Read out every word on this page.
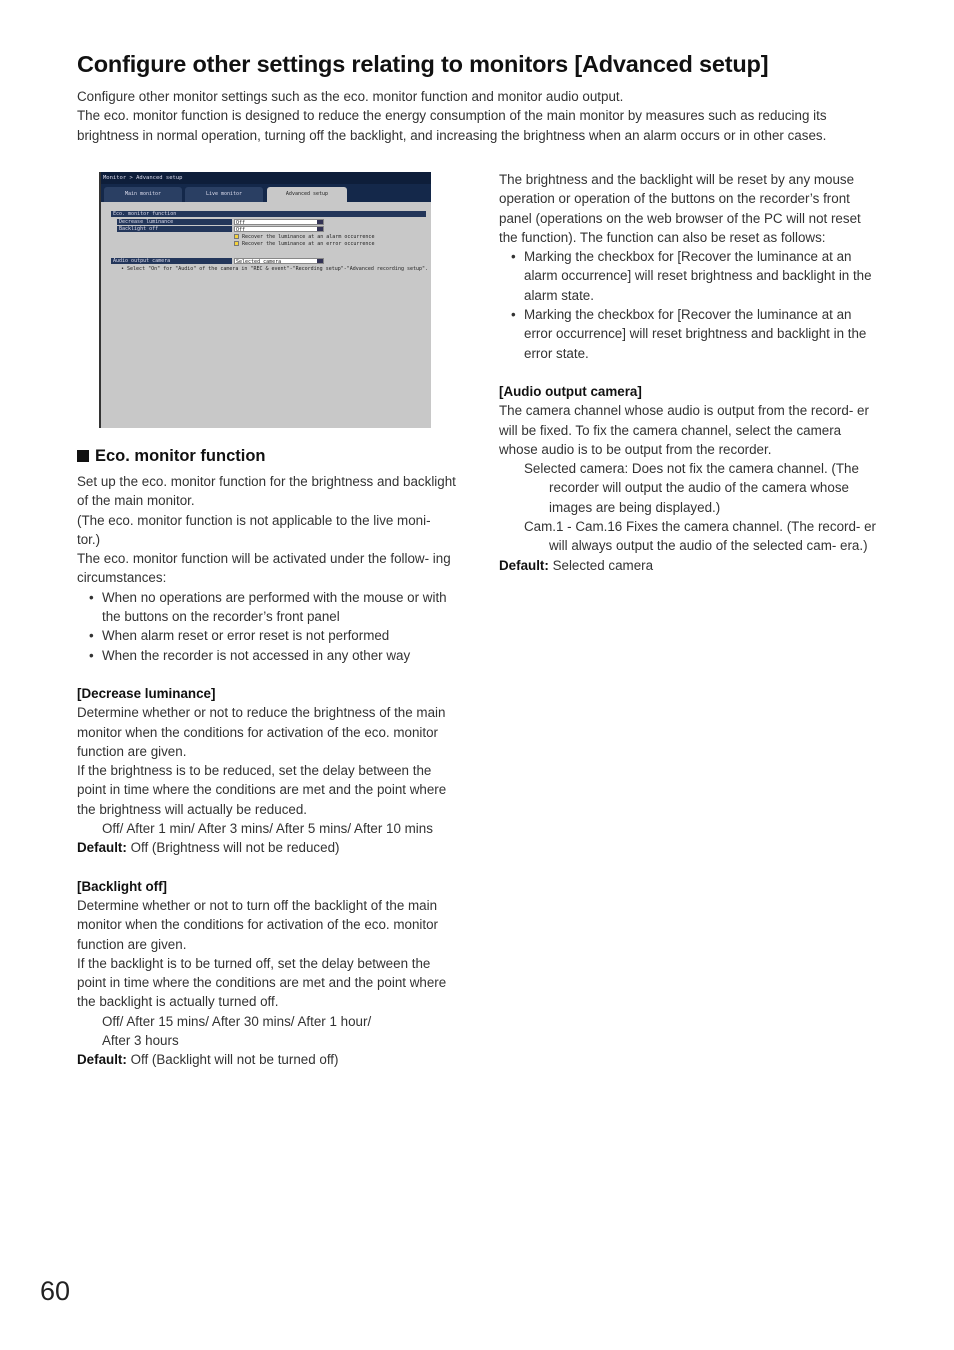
Configure other settings relating to monitors [Advanced setup]

Configure other monitor settings such as the eco. monitor function and monitor audio output.

The eco. monitor function is designed to reduce the energy consumption of the main monitor by measures such as reducing its brightness in normal operation, turning off the backlight, and increasing the brightness when an alarm occurs or in other cases.

Monitor > Advanced setup
Main monitor	Live monitor	Advanced setup
Eco. monitor function
Decrease luminance	Off
Backlight off	Off
Recover the luminance at an alarm occurrence
Recover the luminance at an error occurrence
Audio output camera	Selected camera
• Select "On" for "Audio" of the camera in "REC & event"-"Recording setup"-"Advanced recording setup".
Eco. monitor function

Set up the eco. monitor function for the brightness and backlight of the main monitor.

(The eco. monitor function is not applicable to the live moni- tor.)

The eco. monitor function will be activated under the follow- ing circumstances:

• When no operations are performed with the mouse or with the buttons on the recorder’s front panel
• When alarm reset or error reset is not performed
• When the recorder is not accessed in any other way

[Decrease luminance]

Determine whether or not to reduce the brightness of the main monitor when the conditions for activation of the eco. monitor function are given.

If the brightness is to be reduced, set the delay between the point in time where the conditions are met and the point where the brightness will actually be reduced.

Off/ After 1 min/ After 3 mins/ After 5 mins/ After 10 mins

Default: Off (Brightness will not be reduced)

[Backlight off]

Determine whether or not to turn off the backlight of the main monitor when the conditions for activation of the eco. monitor function are given.

If the backlight is to be turned off, set the delay between the point in time where the conditions are met and the point where the backlight is actually turned off.

Off/ After 15 mins/ After 30 mins/ After 1 hour/

After 3 hours

Default: Off (Backlight will not be turned off)

The brightness and the backlight will be reset by any mouse operation or operation of the buttons on the recorder’s front panel (operations on the web browser of the PC will not reset the function). The function can also be reset as follows:

• Marking the checkbox for [Recover the luminance at an alarm occurrence] will reset brightness and backlight in the alarm state.
• Marking the checkbox for [Recover the luminance at an error occurrence] will reset brightness and backlight in the error state.

[Audio output camera]

The camera channel whose audio is output from the record- er will be fixed. To fix the camera channel, select the camera whose audio is to be output from the recorder.

Selected camera: Does not fix the camera channel. (The recorder will output the audio of the camera whose images are being displayed.)

Cam.1 - Cam.16 Fixes the camera channel. (The record- er will always output the audio of the selected cam- era.)

Default: Selected camera

60
